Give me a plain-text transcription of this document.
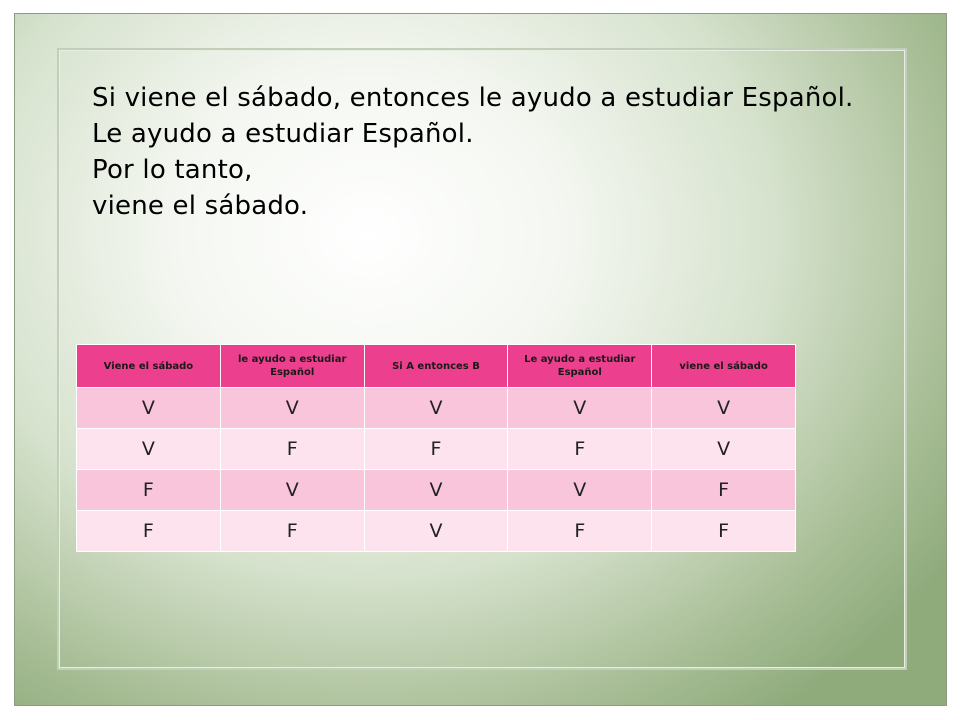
Si viene el sábado, entonces le ayudo a estudiar Español.
Le ayudo a estudiar Español.
Por lo tanto,
viene el sábado.
Viene el sábado	le ayudo a estudiar Español	Si A entonces B	Le ayudo a estudiar Español	viene el sábado
V	V	V	V	V
V	F	F	F	V
F	V	V	V	F
F	F	V	F	F
